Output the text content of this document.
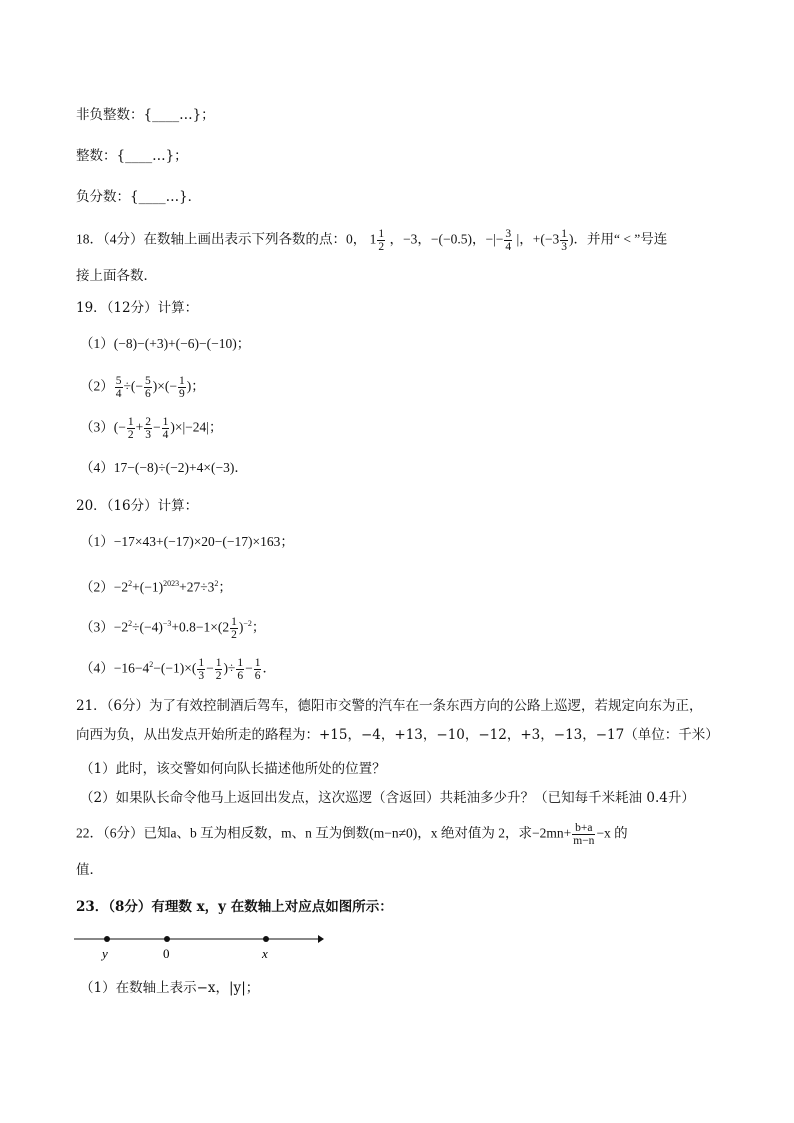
非负整数：{____…}；
整数：{____…}；
负分数：{____…}．
18．（4分）在数轴上画出表示下列各数的点：0， $1 \frac{1}{2}$ ，−3，−(−0.5)，−|− $\frac{3}{4}$ |，$+(-3 \frac{1}{3}$ )．并用“ < ”号连
接上面各数．
19．（12分）计算：
（1）(−8)−(+3)+(−6)−(−10)；
$(2) \frac{5}{4}$ ÷(− $\frac{5}{6}$ )×(− $\frac{1}{9}$ )；
$(3)(- \frac{1}{2} + \frac{2}{3} - \frac{1}{4} )\times|-24|$；
（4）17−(−8)÷(−2)+4×(−3)．
20．（16分）计算：
（1）−17×43+(−17)×20−(−17)×163；
$(2)-2^2+(-1)^{2023}+27\div 3^2$；
$(3)-2^2\div(-4)^{-3}+0.8-1\times(2 \frac{1}{2} )^{-2}$；
$(4)-16-4^2-(-1)\times( \frac{1}{3} - \frac{1}{2}$ )÷ $\frac{1}{6} - \frac{1}{6}$ ．
21．（6分）为了有效控制酒后驾车，德阳市交警的汽车在一条东西方向的公路上巡逻，若规定向东为正，
向西为负，从出发点开始所走的路程为：+15，−4，+13，−10，−12，+3，−13，−17（单位：千米）
（1）此时，该交警如何向队长描述他所处的位置？
（2）如果队长命令他马上返回出发点，这次巡逻（含返回）共耗油多少升？（已知每千米耗油 0.4升）
22．（6分）已知a、b 互为相反数，m、n 互为倒数(m−n≠0)，x 绝对值为 2，求$-2mn+ \frac{b+a}{m-n} -x$ 的
值．
23．（8分）有理数 x，y 在数轴上对应点如图所示：
y	0	x
（1）在数轴上表示−x，|y|；
